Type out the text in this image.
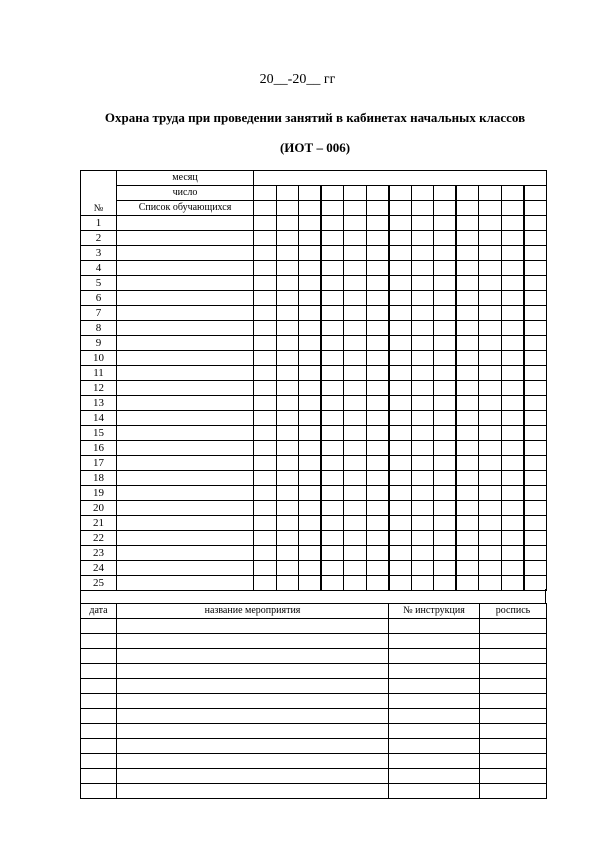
20__-20__ гг
Охрана труда при проведении занятий в кабинетах начальных классов
(ИОТ – 006)
№	месяц													
	число													
	Список обучающихся													
1														
2														
3														
4														
5														
6														
7														
8														
9														
10														
11														
12														
13														
14														
15														
16														
17														
18														
19														
20														
21														
22														
23														
24														
25														
дата	название мероприятия	№ инструкция	роспись
